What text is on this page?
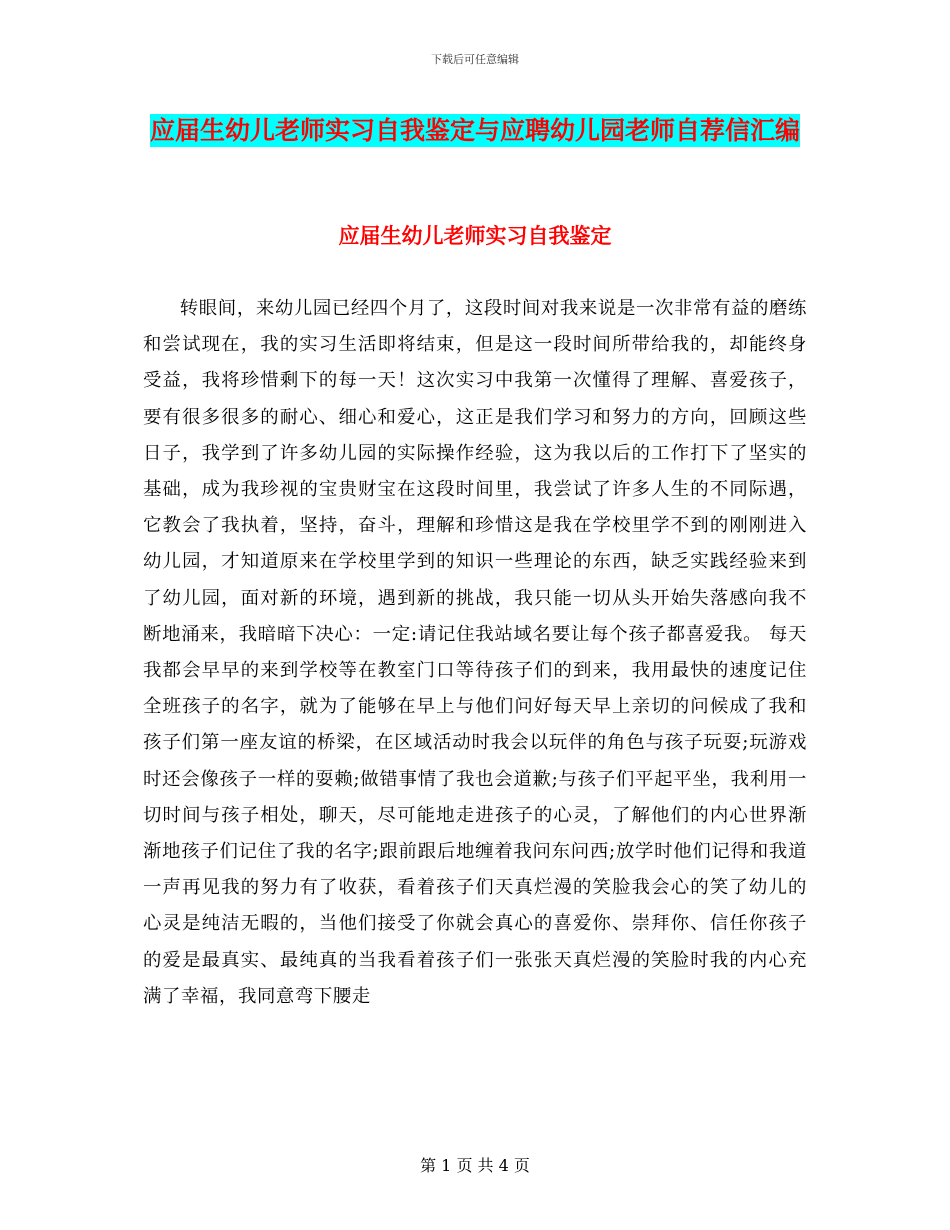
下载后可任意编辑
应届生幼儿老师实习自我鉴定与应聘幼儿园老师自荐信汇编
应届生幼儿老师实习自我鉴定

转眼间，来幼儿园已经四个月了，这段时间对我来说是一次非常有益的磨练和尝试现在，我的实习生活即将结束，但是这一段时间所带给我的，却能终身受益，我将珍惜剩下的每一天！这次实习中我第一次懂得了理解、喜爱孩子，要有很多很多的耐心、细心和爱心，这正是我们学习和努力的方向，回顾这些日子，我学到了许多幼儿园的实际操作经验，这为我以后的工作打下了坚实的基础，成为我珍视的宝贵财宝在这段时间里，我尝试了许多人生的不同际遇，它教会了我执着，坚持，奋斗，理解和珍惜这是我在学校里学不到的刚刚进入幼儿园，才知道原来在学校里学到的知识一些理论的东西，缺乏实践经验来到了幼儿园，面对新的环境，遇到新的挑战，我只能一切从头开始失落感向我不断地涌来，我暗暗下决心：一定:请记住我站域名要让每个孩子都喜爱我。 每天我都会早早的来到学校等在教室门口等待孩子们的到来，我用最快的速度记住全班孩子的名字，就为了能够在早上与他们问好每天早上亲切的问候成了我和孩子们第一座友谊的桥梁，在区域活动时我会以玩伴的角色与孩子玩耍;玩游戏时还会像孩子一样的耍赖;做错事情了我也会道歉;与孩子们平起平坐，我利用一切时间与孩子相处，聊天，尽可能地走进孩子的心灵，了解他们的内心世界渐渐地孩子们记住了我的名字;跟前跟后地缠着我问东问西;放学时他们记得和我道一声再见我的努力有了收获，看着孩子们天真烂漫的笑脸我会心的笑了幼儿的心灵是纯洁无暇的，当他们接受了你就会真心的喜爱你、崇拜你、信任你孩子的爱是最真实、最纯真的当我看着孩子们一张张天真烂漫的笑脸时我的内心充满了幸福，我同意弯下腰走

第 1 页 共 4 页
